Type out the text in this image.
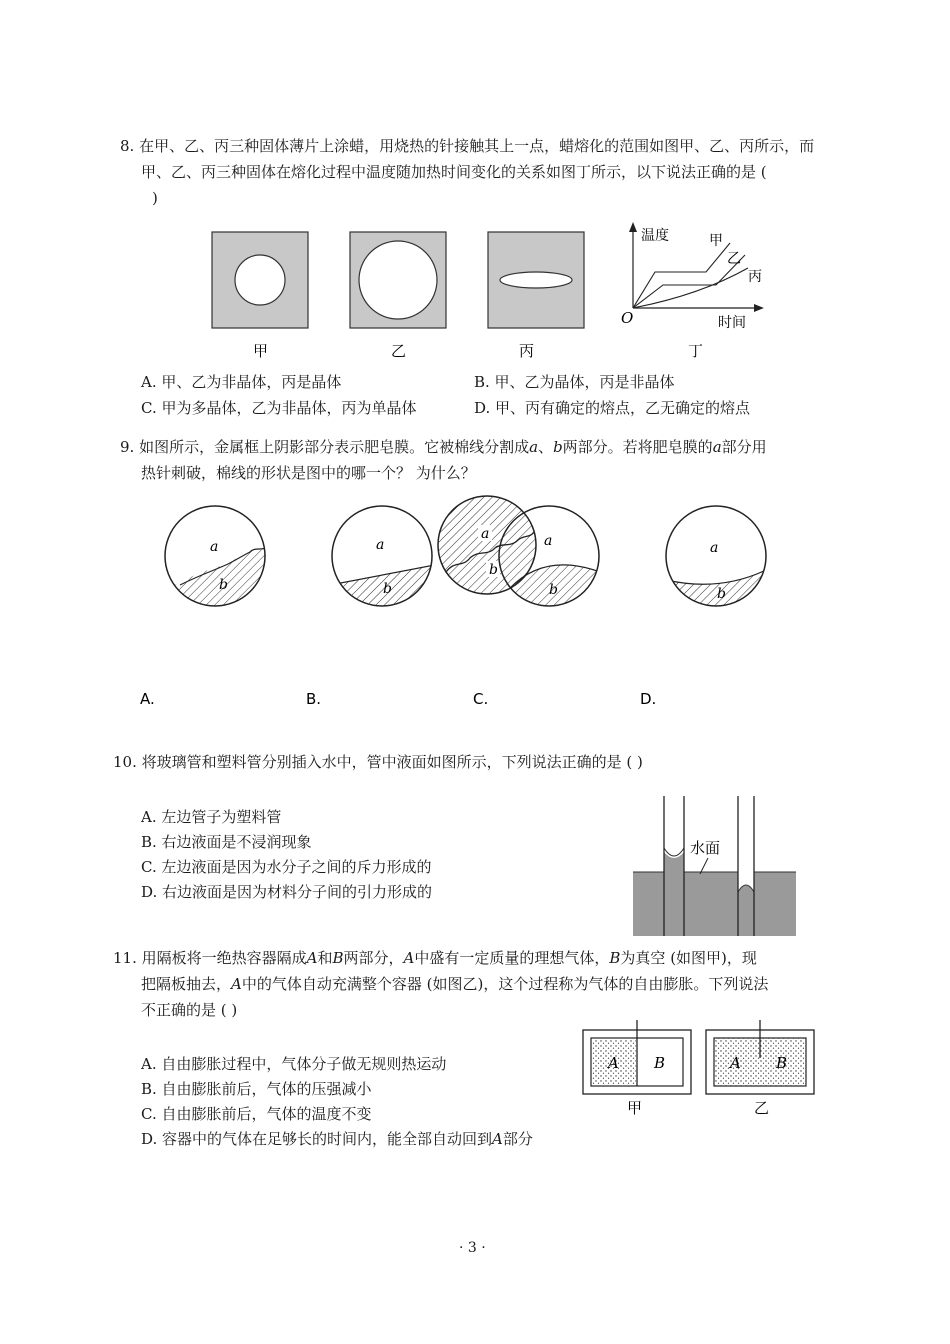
8. 在甲、乙、丙三种固体薄片上涂蜡，用烧热的针接触其上一点，蜡熔化的范围如图甲、乙、丙所示，而
甲、乙、丙三种固体在熔化过程中温度随加热时间变化的关系如图丁所示，以下说法正确的是 (
)
温度
时间
O
甲
乙
丙
甲	乙	丙	丁
A. 甲、乙为非晶体，丙是晶体	B. 甲、乙为晶体，丙是非晶体
C. 甲为多晶体，乙为非晶体，丙为单晶体	D. 甲、丙有确定的熔点，乙无确定的熔点
9. 如图所示，金属框上阴影部分表示肥皂膜。它被棉线分割成a、b两部分。若将肥皂膜的a部分用
热针刺破，棉线的形状是图中的哪一个？ 为什么？
a
b
a
b
A.
a
b
B.
a
b
C.
a
b
D.
10. 将玻璃管和塑料管分别插入水中，管中液面如图所示，下列说法正确的是 ( )
A. 左边管子为塑料管
B. 右边液面是不浸润现象
C. 左边液面是因为水分子之间的斥力形成的
D. 右边液面是因为材料分子间的引力形成的
水面
11. 用隔板将一绝热容器隔成A和B两部分，A中盛有一定质量的理想气体，B为真空 (如图甲)，现
把隔板抽去，A中的气体自动充满整个容器 (如图乙)，这个过程称为气体的自由膨胀。下列说法
不正确的是 ( )
A. 自由膨胀过程中，气体分子做无规则热运动
B. 自由膨胀前后，气体的压强减小
C. 自由膨胀前后，气体的温度不变
D. 容器中的气体在足够长的时间内，能全部自动回到A部分
A B
甲
A B
乙
· 3 ·
